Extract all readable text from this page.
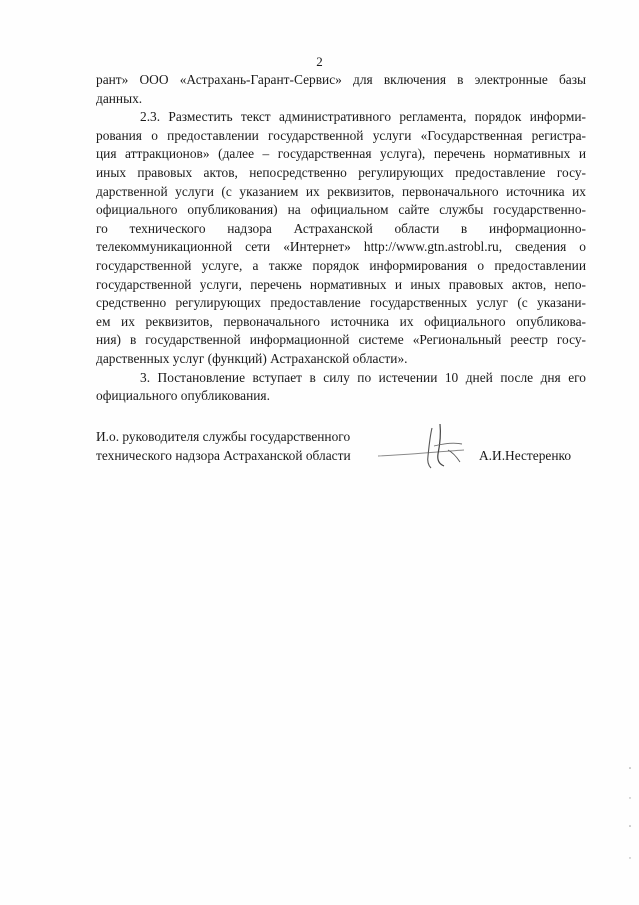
2
рант» ООО «Астрахань-Гарант-Сервис» для включения в электронные базы
данных.
2.3. Разместить текст административного регламента, порядок информи-
рования о предоставлении государственной услуги «Государственная регистра-
ция аттракционов» (далее – государственная услуга), перечень нормативных и
иных правовых актов, непосредственно регулирующих предоставление госу-
дарственной услуги (с указанием их реквизитов, первоначального источника их
официального опубликования) на официальном сайте службы государственно-
го технического надзора Астраханской области в информационно-
телекоммуникационной сети «Интернет» http://www.gtn.astrobl.ru, сведения о
государственной услуге, а также порядок информирования о предоставлении
государственной услуги, перечень нормативных и иных правовых актов, непо-
средственно регулирующих предоставление государственных услуг (с указани-
ем их реквизитов, первоначального источника их официального опубликова-
ния) в государственной информационной системе «Региональный реестр госу-
дарственных услуг (функций) Астраханской области».
3. Постановление вступает в силу по истечении 10 дней после дня его
официального опубликования.
И.о. руководителя службы государственного
технического надзора Астраханской области	А.И.Нестеренко
